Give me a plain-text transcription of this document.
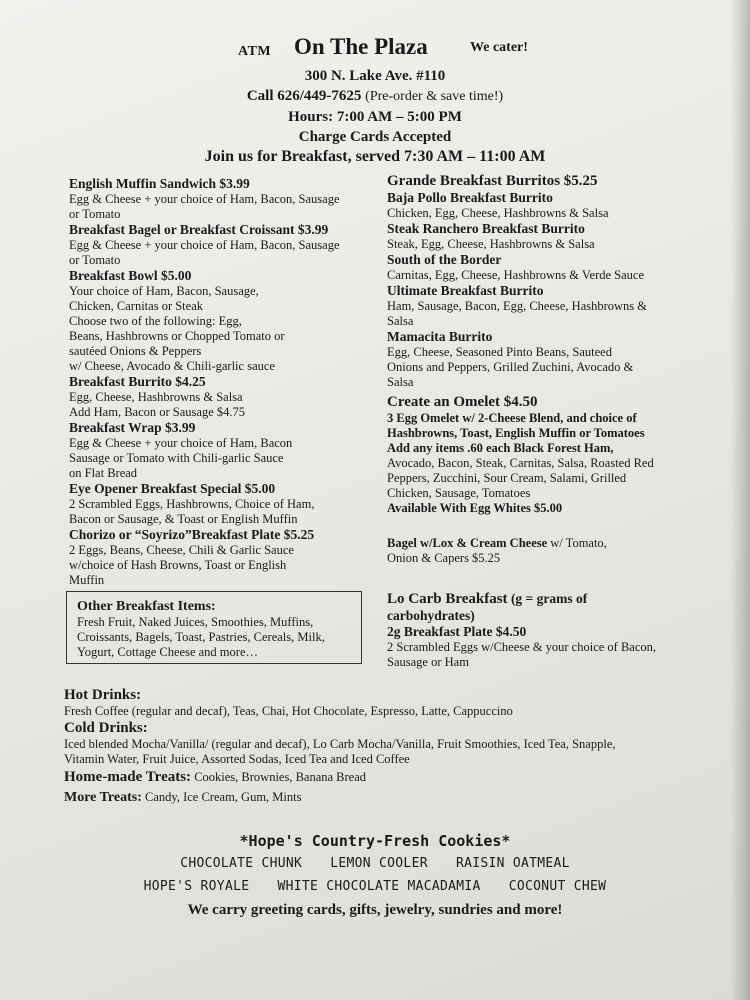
ATM On The Plaza	We cater!
300 N. Lake Ave. #110
Call 626/449-7625 (Pre-order & save time!)
Hours: 7:00 AM – 5:00 PM
Charge Cards Accepted
Join us for Breakfast, served 7:30 AM – 11:00 AM
English Muffin Sandwich $3.99
Egg & Cheese + your choice of Ham, Bacon, Sausage
or Tomato
Breakfast Bagel or Breakfast Croissant $3.99
Egg & Cheese + your choice of Ham, Bacon, Sausage
or Tomato
Breakfast Bowl $5.00
Your choice of Ham, Bacon, Sausage,
Chicken, Carnitas or Steak
Choose two of the following: Egg,
Beans, Hashbrowns or Chopped Tomato or
sautéed Onions & Peppers
w/ Cheese, Avocado & Chili-garlic sauce
Breakfast Burrito $4.25
Egg, Cheese, Hashbrowns & Salsa
Add Ham, Bacon or Sausage $4.75
Breakfast Wrap $3.99
Egg & Cheese + your choice of Ham, Bacon
Sausage or Tomato with Chili-garlic Sauce
on Flat Bread
Eye Opener Breakfast Special $5.00
2 Scrambled Eggs, Hashbrowns, Choice of Ham,
Bacon or Sausage, & Toast or English Muffin
Chorizo or “Soyrizo”Breakfast Plate $5.25
2 Eggs, Beans, Cheese, Chili & Garlic Sauce
w/choice of Hash Browns, Toast or English
Muffin
Other Breakfast Items:
Fresh Fruit, Naked Juices, Smoothies, Muffins,
Croissants, Bagels, Toast, Pastries, Cereals, Milk,
Yogurt, Cottage Cheese and more…
Grande Breakfast Burritos $5.25
Baja Pollo Breakfast Burrito
Chicken, Egg, Cheese, Hashbrowns & Salsa
Steak Ranchero Breakfast Burrito
Steak, Egg, Cheese, Hashbrowns & Salsa
South of the Border
Carnitas, Egg, Cheese, Hashbrowns & Verde Sauce
Ultimate Breakfast Burrito
Ham, Sausage, Bacon, Egg, Cheese, Hashbrowns &
Salsa
Mamacita Burrito
Egg, Cheese, Seasoned Pinto Beans, Sauteed
Onions and Peppers, Grilled Zuchini, Avocado &
Salsa
Create an Omelet $4.50
3 Egg Omelet w/ 2-Cheese Blend, and choice of
Hashbrowns, Toast, English Muffin or Tomatoes
Add any items .60 each Black Forest Ham,
Avocado, Bacon, Steak, Carnitas, Salsa, Roasted Red
Peppers, Zucchini, Sour Cream, Salami, Grilled
Chicken, Sausage, Tomatoes
Available With Egg Whites $5.00
Bagel w/Lox & Cream Cheese w/ Tomato,
Onion & Capers $5.25
Lo Carb Breakfast (g = grams of
carbohydrates)
2g Breakfast Plate $4.50
2 Scrambled Eggs w/Cheese & your choice of Bacon,
Sausage or Ham
Hot Drinks:
Fresh Coffee (regular and decaf), Teas, Chai, Hot Chocolate, Espresso, Latte, Cappuccino
Cold Drinks:
Iced blended Mocha/Vanilla/ (regular and decaf), Lo Carb Mocha/Vanilla, Fruit Smoothies, Iced Tea, Snapple,
Vitamin Water, Fruit Juice, Assorted Sodas, Iced Tea and Iced Coffee
Home-made Treats: Cookies, Brownies, Banana Bread
More Treats: Candy, Ice Cream, Gum, Mints
*Hope's Country-Fresh Cookies*
CHOCOLATE CHUNK LEMON COOLER RAISIN OATMEAL
HOPE'S ROYALE WHITE CHOCOLATE MACADAMIA COCONUT CHEW
We carry greeting cards, gifts, jewelry, sundries and more!
